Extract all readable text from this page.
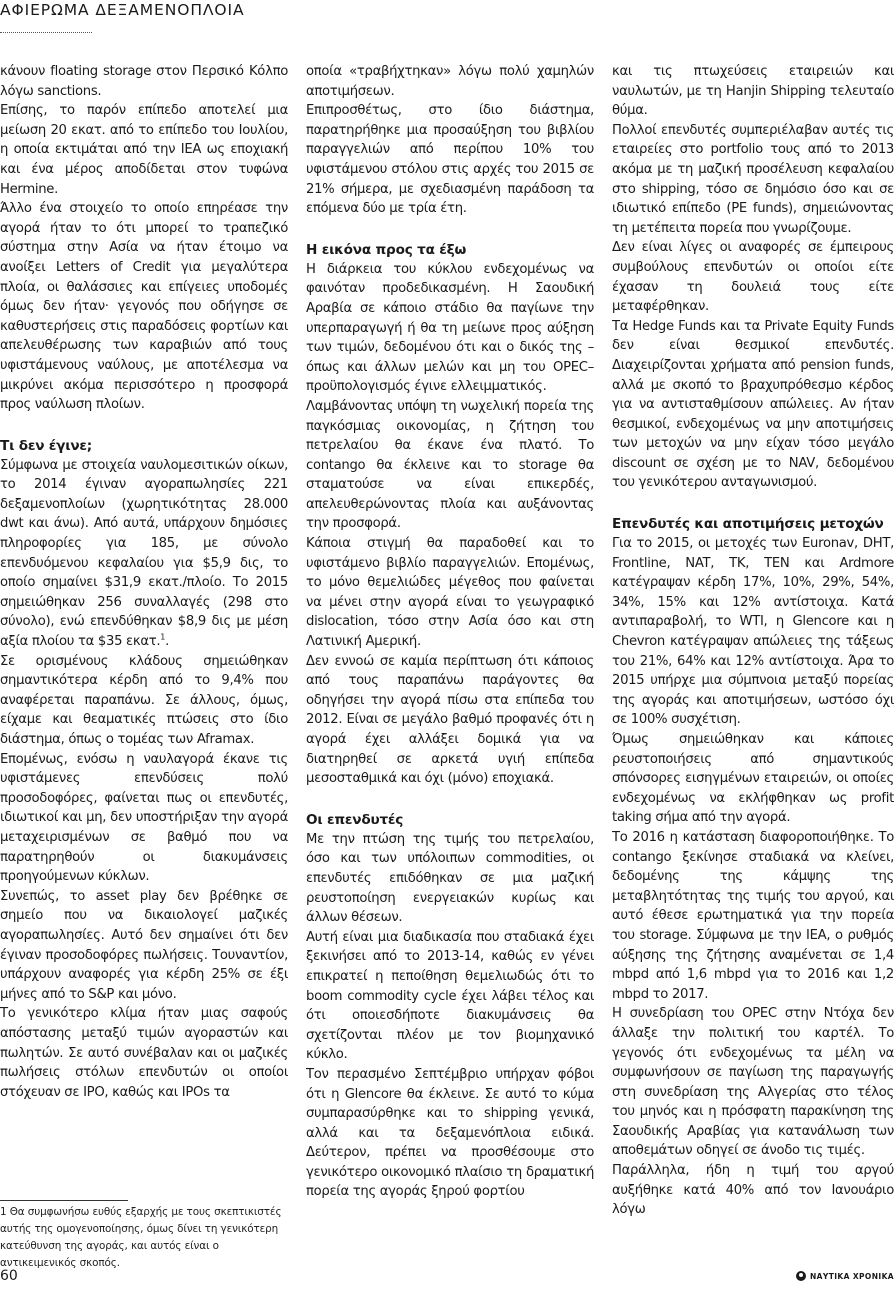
ΑΦΙΕΡΩΜΑ ΔΕΞΑΜΕΝΟΠΛΟΙΑ

κάνουν floating storage στον Περσικό Κόλπο λόγω sanctions.

Επίσης, το παρόν επίπεδο αποτελεί μια μείωση 20 εκατ. από το επίπεδο του Ιουλίου, η οποία εκτιμάται από την IEA ως εποχιακή και ένα μέρος αποδίδεται στον τυφώνα Hermine.

Άλλο ένα στοιχείο το οποίο επηρέασε την αγορά ήταν το ότι μπορεί το τραπεζικό σύστημα στην Ασία να ήταν έτοιμο να ανοίξει Letters of Credit για μεγαλύτερα πλοία, οι θαλάσσιες και επίγειες υποδομές όμως δεν ήταν· γεγονός που οδήγησε σε καθυστερήσεις στις παραδόσεις φορτίων και απελευθέρωσης των καραβιών από τους υφιστάμενους ναύλους, με αποτέλεσμα να μικρύνει ακόμα περισσότερο η προσφορά προς ναύλωση πλοίων.

Τι δεν έγινε;

Σύμφωνα με στοιχεία ναυλομεσιτικών οίκων, το 2014 έγιναν αγοραπωλησίες 221 δεξαμενοπλοίων (χωρητικότητας 28.000 dwt και άνω). Από αυτά, υπάρχουν δημόσιες πληροφορίες για 185, με σύνολο επενδυόμενου κεφαλαίου για $5,9 δις, το οποίο σημαίνει $31,9 εκατ./πλοίο. Το 2015 σημειώθηκαν 256 συναλλαγές (298 στο σύνολο), ενώ επενδύθηκαν $8,9 δις με μέση αξία πλοίου τα $35 εκατ.$^1$.

Σε ορισμένους κλάδους σημειώθηκαν σημαντικότερα κέρδη από το 9,4% που αναφέρεται παραπάνω. Σε άλλους, όμως, είχαμε και θεαματικές πτώσεις στο ίδιο διάστημα, όπως ο τομέας των Aframax.

Επομένως, ενόσω η ναυλαγορά έκανε τις υφιστάμενες επενδύσεις πολύ προσοδοφόρες, φαίνεται πως οι επενδυτές, ιδιωτικοί και μη, δεν υποστήριξαν την αγορά μεταχειρισμένων σε βαθμό που να παρατηρηθούν οι διακυμάνσεις προηγούμενων κύκλων.

Συνεπώς, το asset play δεν βρέθηκε σε σημείο που να δικαιολογεί μαζικές αγοραπωλησίες. Αυτό δεν σημαίνει ότι δεν έγιναν προσοδοφόρες πωλήσεις. Τουναντίον, υπάρχουν αναφορές για κέρδη 25% σε έξι μήνες από το S&P και μόνο.

Το γενικότερο κλίμα ήταν μιας σαφούς απόστασης μεταξύ τιμών αγοραστών και πωλητών. Σε αυτό συνέβαλαν και οι μαζικές πωλήσεις στόλων επενδυτών οι οποίοι στόχευαν σε IPO, καθώς και IPOs τα

οποία «τραβήχτηκαν» λόγω πολύ χαμηλών αποτιμήσεων.

Επιπροσθέτως, στο ίδιο διάστημα, παρατηρήθηκε μια προσαύξηση του βιβλίου παραγγελιών από περίπου 10% του υφιστάμενου στόλου στις αρχές του 2015 σε 21% σήμερα, με σχεδιασμένη παράδοση τα επόμενα δύο με τρία έτη.

Η εικόνα προς τα έξω

Η διάρκεια του κύκλου ενδεχομένως να φαινόταν προδεδικασμένη. Η Σαουδική Αραβία σε κάποιο στάδιο θα παγίωνε την υπερπαραγωγή ή θα τη μείωνε προς αύξηση των τιμών, δεδομένου ότι και ο δικός της –όπως και άλλων μελών και μη του OPEC– προϋπολογισμός έγινε ελλειμματικός.

Λαμβάνοντας υπόψη τη νωχελική πορεία της παγκόσμιας οικονομίας, η ζήτηση του πετρελαίου θα έκανε ένα πλατό. Το contango θα έκλεινε και το storage θα σταματούσε να είναι επικερδές, απελευθερώνοντας πλοία και αυξάνοντας την προσφορά.

Κάποια στιγμή θα παραδοθεί και το υφιστάμενο βιβλίο παραγγελιών. Επομένως, το μόνο θεμελιώδες μέγεθος που φαίνεται να μένει στην αγορά είναι το γεωγραφικό dislocation, τόσο στην Ασία όσο και στη Λατινική Αμερική.

Δεν εννοώ σε καμία περίπτωση ότι κάποιος από τους παραπάνω παράγοντες θα οδηγήσει την αγορά πίσω στα επίπεδα του 2012. Είναι σε μεγάλο βαθμό προφανές ότι η αγορά έχει αλλάξει δομικά για να διατηρηθεί σε αρκετά υγιή επίπεδα μεσοσταθμικά και όχι (μόνο) εποχιακά.

Οι επενδυτές

Με την πτώση της τιμής του πετρελαίου, όσο και των υπόλοιπων commodities, οι επενδυτές επιδόθηκαν σε μια μαζική ρευστοποίηση ενεργειακών κυρίως και άλλων θέσεων.

Αυτή είναι μια διαδικασία που σταδιακά έχει ξεκινήσει από το 2013-14, καθώς εν γένει επικρατεί η πεποίθηση θεμελιωδώς ότι το boom commodity cycle έχει λάβει τέλος και ότι οποιεσδήποτε διακυμάνσεις θα σχετίζονται πλέον με τον βιομηχανικό κύκλο.

Τον περασμένο Σεπτέμβριο υπήρχαν φόβοι ότι η Glencore θα έκλεινε. Σε αυτό το κύμα συμπαρασύρθηκε και το shipping γενικά, αλλά και τα δεξαμενόπλοια ειδικά. Δεύτερον, πρέπει να προσθέσουμε στο γενικότερο οικονομικό πλαίσιο τη δραματική πορεία της αγοράς ξηρού φορτίου

και τις πτωχεύσεις εταιρειών και ναυλωτών, με τη Hanjin Shipping τελευταίο θύμα.

Πολλοί επενδυτές συμπεριέλαβαν αυτές τις εταιρείες στο portfolio τους από το 2013 ακόμα με τη μαζική προσέλευση κεφαλαίου στο shipping, τόσο σε δημόσιο όσο και σε ιδιωτικό επίπεδο (PE funds), σημειώνοντας τη μετέπειτα πορεία που γνωρίζουμε.

Δεν είναι λίγες οι αναφορές σε έμπειρους συμβούλους επενδυτών οι οποίοι είτε έχασαν τη δουλειά τους είτε μεταφέρθηκαν.

Τα Hedge Funds και τα Private Equity Funds δεν είναι θεσμικοί επενδυτές. Διαχειρίζονται χρήματα από pension funds, αλλά με σκοπό το βραχυπρόθεσμο κέρδος για να αντισταθμίσουν απώλειες. Αν ήταν θεσμικοί, ενδεχομένως να μην αποτιμήσεις των μετοχών να μην είχαν τόσο μεγάλο discount σε σχέση με το NAV, δεδομένου του γενικότερου ανταγωνισμού.

Επενδυτές και αποτιμήσεις μετοχών

Για το 2015, οι μετοχές των Euronav, DHT, Frontline, NAT, TK, TEN και Ardmore κατέγραψαν κέρδη 17%, 10%, 29%, 54%, 34%, 15% και 12% αντίστοιχα. Κατά αντιπαραβολή, το WTI, η Glencore και η Chevron κατέγραψαν απώλειες της τάξεως του 21%, 64% και 12% αντίστοιχα. Άρα το 2015 υπήρχε μια σύμπνοια μεταξύ πορείας της αγοράς και αποτιμήσεων, ωστόσο όχι σε 100% συσχέτιση.

Όμως σημειώθηκαν και κάποιες ρευστοποιήσεις από σημαντικούς σπόνσορες εισηγμένων εταιρειών, οι οποίες ενδεχομένως να εκλήφθηκαν ως profit taking σήμα από την αγορά.

Το 2016 η κατάσταση διαφοροποιήθηκε. Το contango ξεκίνησε σταδιακά να κλείνει, δεδομένης της κάμψης της μεταβλητότητας της τιμής του αργού, και αυτό έθεσε ερωτηματικά για την πορεία του storage. Σύμφωνα με την IEA, ο ρυθμός αύξησης της ζήτησης αναμένεται σε 1,4 mbpd από 1,6 mbpd για το 2016 και 1,2 mbpd το 2017.

Η συνεδρίαση του OPEC στην Ντόχα δεν άλλαξε την πολιτική του καρτέλ. Το γεγονός ότι ενδεχομένως τα μέλη να συμφωνήσουν σε παγίωση της παραγωγής στη συνεδρίαση της Αλγερίας στο τέλος του μηνός και η πρόσφατη παρακίνηση της Σαουδικής Αραβίας για κατανάλωση των αποθεμάτων οδηγεί σε άνοδο τις τιμές.

Παράλληλα, ήδη η τιμή του αργού αυξήθηκε κατά 40% από τον Ιανουάριο λόγω

1 Θα συμφωνήσω ευθύς εξαρχής με τους σκεπτικιστές αυτής της ομογενοποίησης, όμως δίνει τη γενικότερη κατεύθυνση της αγοράς, και αυτός είναι ο αντικειμενικός σκοπός.
60	ΝΑΥΤΙΚΑ ΧΡΟΝΙΚΑ
